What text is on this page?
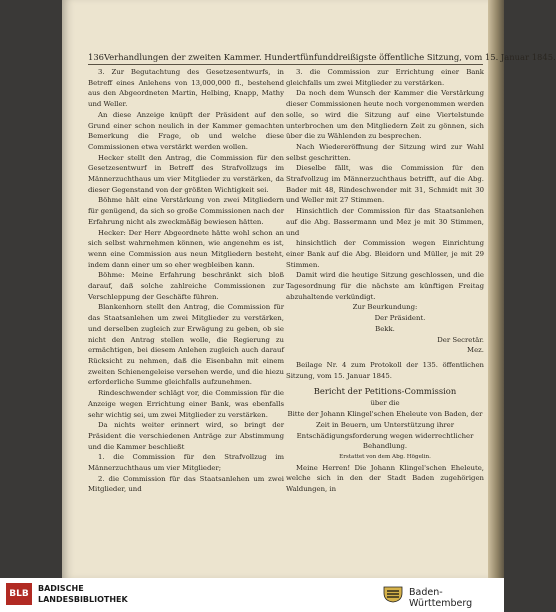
136 Verhandlungen der zweiten Kammer. Hundertfünfunddreißigste öffentliche Sitzung, vom 15. Januar 1845.

3. Zur Begutachtung des Gesetzesentwurfs, in Betreff eines Anlehens von 13,000,000 fl., bestehend aus den Abgeordneten Martin, Helbing, Knapp, Mathy und Weller.

An diese Anzeige knüpft der Präsident auf den Grund einer schon neulich in der Kammer gemachten Bemerkung die Frage, ob und welche diese Commissionen etwa verstärkt werden wollen.

Hecker stellt den Antrag, die Commission für den Gesetzesentwurf in Betreff des Strafvollzugs im Männerzuchthaus um vier Mitglieder zu verstärken, da dieser Gegenstand von der größten Wichtigkeit sei.

Böhme hält eine Verstärkung von zwei Mitgliedern für genügend, da sich so große Commissionen nach der Erfahrung nicht als zweckmäßig bewiesen hätten.

Hecker: Der Herr Abgeordnete hätte wohl schon an sich selbst wahrnehmen können, wie angenehm es ist, wenn eine Commission aus neun Mitgliedern besteht, indem dann einer um so eher wegbleiben kann.

Böhme: Meine Erfahrung beschränkt sich bloß darauf, daß solche zahlreiche Commissionen zur Verschleppung der Geschäfte führen.

Blankenhorn stellt den Antrag, die Commission für das Staatsanlehen um zwei Mitglieder zu verstärken, und derselben zugleich zur Erwägung zu geben, ob sie nicht den Antrag stellen wolle, die Regierung zu ermächtigen, bei diesem Anlehen zugleich auch darauf Rücksicht zu nehmen, daß die Eisenbahn mit einem zweiten Schienengeleise versehen werde, und die hiezu erforderliche Summe gleichfalls aufzunehmen.

Rindeschwender schlägt vor, die Commission für die Anzeige wegen Errichtung einer Bank, was ebenfalls sehr wichtig sei, um zwei Mitglieder zu verstärken.

Da nichts weiter erinnert wird, so bringt der Präsident die verschiedenen Anträge zur Abstimmung und die Kammer beschließt

1. die Commission für den Strafvollzug im Männerzuchthaus um vier Mitglieder;

2. die Commission für das Staatsanlehen um zwei Mitglieder, und

3. die Commission zur Errichtung einer Bank gleichfalls um zwei Mitglieder zu verstärken.

Da noch dem Wunsch der Kammer die Verstärkung dieser Commissionen heute noch vorgenommen werden solle, so wird die Sitzung auf eine Viertelstunde unterbrochen um den Mitgliedern Zeit zu gönnen, sich über die zu Wählenden zu besprechen.

Nach Wiedereröffnung der Sitzung wird zur Wahl selbst geschritten.

Dieselbe fällt, was die Commission für den Strafvollzug im Männerzuchthaus betrifft, auf die Abg. Bader mit 48, Rindeschwender mit 31, Schmidt mit 30 und Weller mit 27 Stimmen.

Hinsichtlich der Commission für das Staatsanlehen auf die Abg. Bassermann und Mez je mit 30 Stimmen, und

hinsichtlich der Commission wegen Einrichtung einer Bank auf die Abg. Bleidorn und Müller, je mit 29 Stimmen.

Damit wird die heutige Sitzung geschlossen, und die Tagesordnung für die nächste am künftigen Freitag abzuhaltende verkündigt.

Zur Beurkundung:

Der Präsident.

Bekk.

Der Secretär.

Mez.

Beilage Nr. 4 zum Protokoll der 135. öffentlichen Sitzung, vom 15. Januar 1845.

Bericht der Petitions-Commission

über die

Bitte der Johann Klingel'schen Eheleute von Baden, der Zeit in Beuern, um Unterstützung ihrer Entschädigungsforderung wegen widerrechtlicher Behandlung.

Erstattet von dem Abg. Högelin.

Meine Herren! Die Johann Klingel'schen Eheleute, welche sich in den der Stadt Baden zugehörigen Waldungen, in

BLB
BADISCHE
LANDESBIBLIOTHEK
Baden-Württemberg
